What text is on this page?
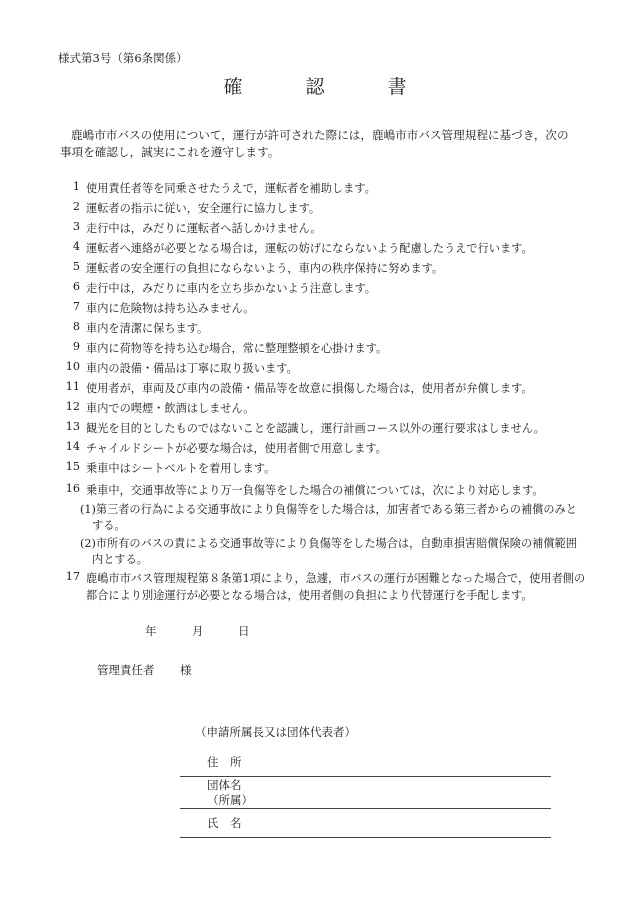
様式第3号（第6条関係）
確　認　書
鹿嶋市市バスの使用について，運行が許可された際には，鹿嶋市市バス管理規程に基づき，次の事項を確認し，誠実にこれを遵守します。
1 使用責任者等を同乗させたうえで，運転者を補助します。
2 運転者の指示に従い，安全運行に協力します。
3 走行中は，みだりに運転者へ話しかけません。
4 運転者へ連絡が必要となる場合は，運転の妨げにならないよう配慮したうえで行います。
5 運転者の安全運行の負担にならないよう，車内の秩序保持に努めます。
6 走行中は，みだりに車内を立ち歩かないよう注意します。
7 車内に危険物は持ち込みません。
8 車内を清潔に保ちます。
9 車内に荷物等を持ち込む場合，常に整理整頓を心掛けます。
10 車内の設備・備品は丁寧に取り扱います。
11 使用者が，車両及び車内の設備・備品等を故意に損傷した場合は，使用者が弁償します。
12 車内での喫煙・飲酒はしません。
13 観光を目的としたものではないことを認識し，運行計画コース以外の運行要求はしません。
14 チャイルドシートが必要な場合は，使用者側で用意します。
15 乗車中はシートベルトを着用します。
16 乗車中，交通事故等により万一負傷等をした場合の補償については，次により対応します。
(1)第三者の行為による交通事故により負傷等をした場合は，加害者である第三者からの補償のみとする。
(2)市所有のバスの責による交通事故等により負傷等をした場合は，自動車損害賠償保険の補償範囲内とする。
17 鹿嶋市市バス管理規程第８条第1項により，急遽，市バスの運行が困難となった場合で，使用者側の都合により別途運行が必要となる場合は，使用者側の負担により代替運行を手配します。
年	月	日
管理責任者 様
（申請所属長又は団体代表者）
住　所
団体名
（所属）
氏　名
